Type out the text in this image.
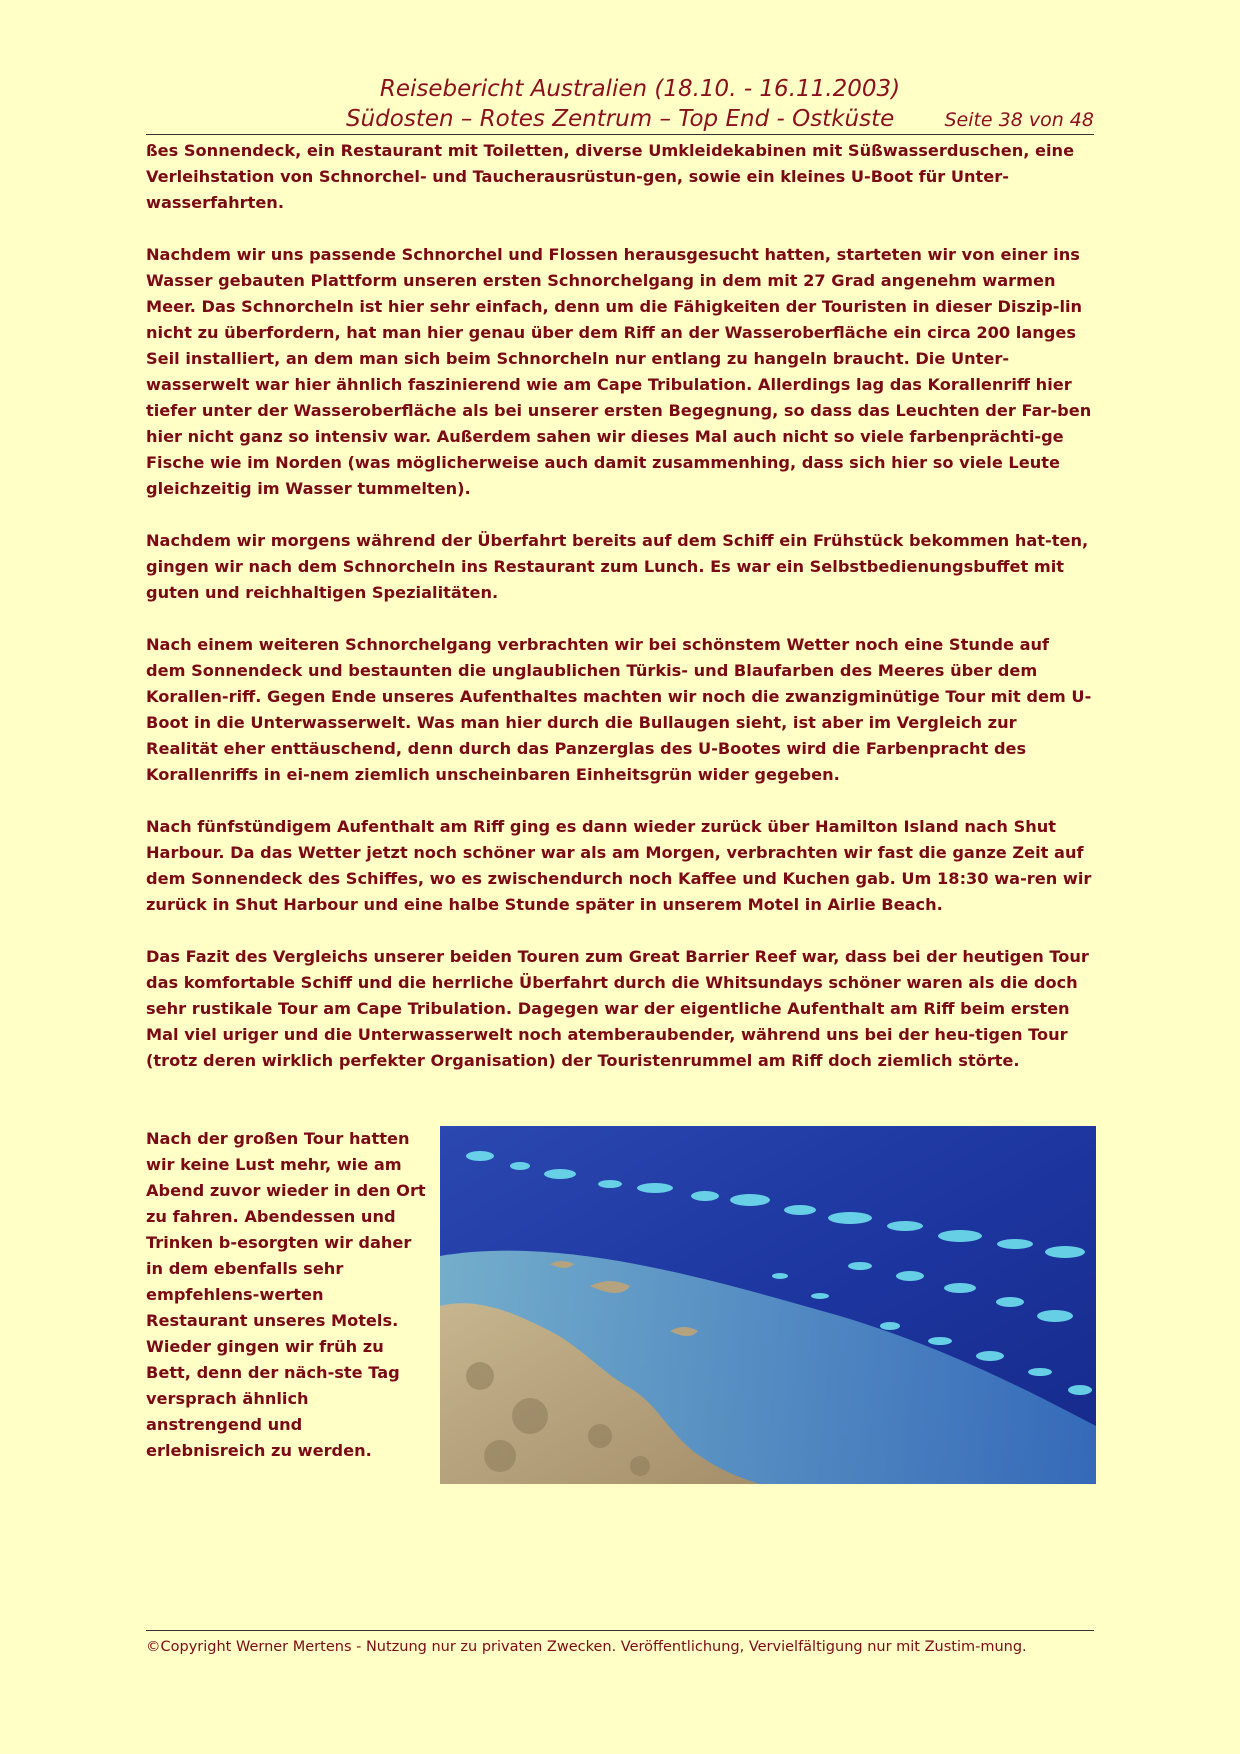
Reisebericht Australien (18.10. - 16.11.2003)
Südosten – Rotes Zentrum – Top End - Ostküste	Seite 38 von 48

ßes Sonnendeck, ein Restaurant mit Toiletten, diverse Umkleidekabinen mit Süßwasserduschen, eine Verleihstation von Schnorchel- und Taucherausrüstun-gen, sowie ein kleines U-Boot für Unter-wasserfahrten.

Nachdem wir uns passende Schnorchel und Flossen herausgesucht hatten, starteten wir von einer ins Wasser gebauten Plattform unseren ersten Schnorchelgang in dem mit 27 Grad angenehm warmen Meer. Das Schnorcheln ist hier sehr einfach, denn um die Fähigkeiten der Touristen in dieser Diszip-lin nicht zu überfordern, hat man hier genau über dem Riff an der Wasseroberfläche ein circa 200 langes Seil installiert, an dem man sich beim Schnorcheln nur entlang zu hangeln braucht. Die Unter-wasserwelt war hier ähnlich faszinierend wie am Cape Tribulation. Allerdings lag das Korallenriff hier tiefer unter der Wasseroberfläche als bei unserer ersten Begegnung, so dass das Leuchten der Far-ben hier nicht ganz so intensiv war. Außerdem sahen wir dieses Mal auch nicht so viele farbenprächti-ge Fische wie im Norden (was möglicherweise auch damit zusammenhing, dass sich hier so viele Leute gleichzeitig im Wasser tummelten).

Nachdem wir morgens während der Überfahrt bereits auf dem Schiff ein Frühstück bekommen hat-ten, gingen wir nach dem Schnorcheln ins Restaurant zum Lunch. Es war ein Selbstbedienungsbuffet mit guten und reichhaltigen Spezialitäten.

Nach einem weiteren Schnorchelgang verbrachten wir bei schönstem Wetter noch eine Stunde auf dem Sonnendeck und bestaunten die unglaublichen Türkis- und Blaufarben des Meeres über dem Korallen-riff. Gegen Ende unseres Aufenthaltes machten wir noch die zwanzigminütige Tour mit dem U-Boot in die Unterwasserwelt. Was man hier durch die Bullaugen sieht, ist aber im Vergleich zur Realität eher enttäuschend, denn durch das Panzerglas des U-Bootes wird die Farbenpracht des Korallenriffs in ei-nem ziemlich unscheinbaren Einheitsgrün wider gegeben.

Nach fünfstündigem Aufenthalt am Riff ging es dann wieder zurück über Hamilton Island nach Shut Harbour. Da das Wetter jetzt noch schöner war als am Morgen, verbrachten wir fast die ganze Zeit auf dem Sonnendeck des Schiffes, wo es zwischendurch noch Kaffee und Kuchen gab. Um 18:30 wa-ren wir zurück in Shut Harbour und eine halbe Stunde später in unserem Motel in Airlie Beach.

Das Fazit des Vergleichs unserer beiden Touren zum Great Barrier Reef war, dass bei der heutigen Tour das komfortable Schiff und die herrliche Überfahrt durch die Whitsundays schöner waren als die doch sehr rustikale Tour am Cape Tribulation. Dagegen war der eigentliche Aufenthalt am Riff beim ersten Mal viel uriger und die Unterwasserwelt noch atemberaubender, während uns bei der heu-tigen Tour (trotz deren wirklich perfekter Organisation) der Touristenrummel am Riff doch ziemlich störte.

Nach der großen Tour hatten wir keine Lust mehr, wie am Abend zuvor wieder in den Ort zu fahren. Abendessen und Trinken b-esorgten wir daher in dem ebenfalls sehr empfehlens-werten Restaurant unseres Motels. Wieder gingen wir früh zu Bett, denn der näch-ste Tag versprach ähnlich anstrengend und erlebnisreich zu werden.

©Copyright Werner Mertens - Nutzung nur zu privaten Zwecken. Veröffentlichung, Vervielfältigung nur mit Zustim-mung.
